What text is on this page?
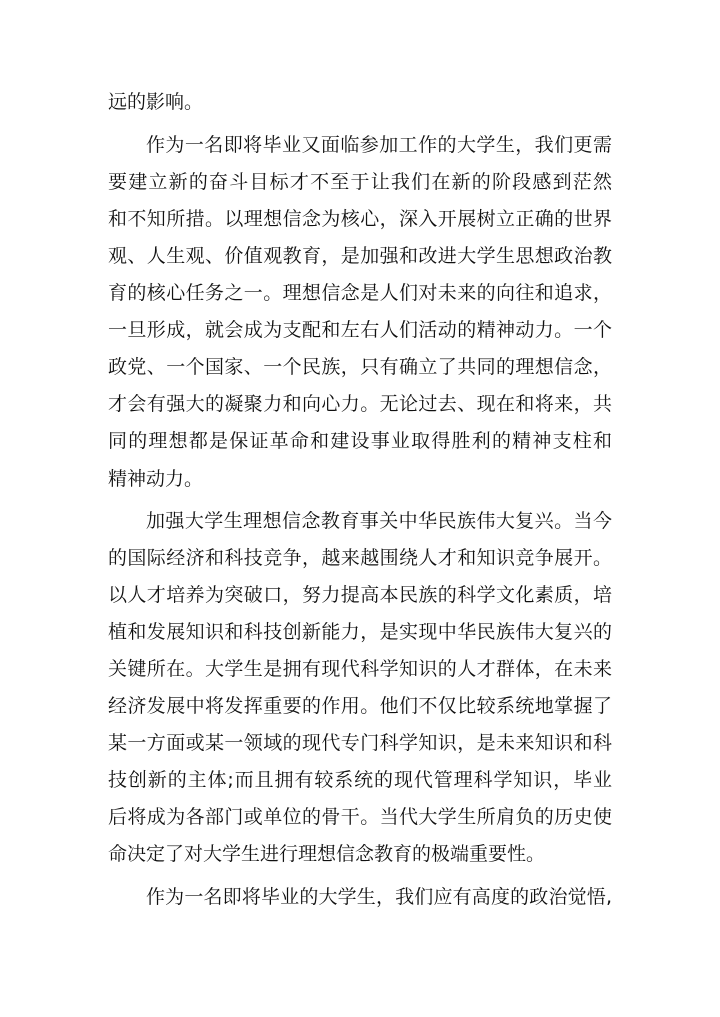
远的影响。

作为一名即将毕业又面临参加工作的大学生，我们更需

要建立新的奋斗目标才不至于让我们在新的阶段感到茫然

和不知所措。以理想信念为核心，深入开展树立正确的世界

观、人生观、价值观教育，是加强和改进大学生思想政治教

育的核心任务之一。理想信念是人们对未来的向往和追求，

一旦形成，就会成为支配和左右人们活动的精神动力。一个

政党、一个国家、一个民族，只有确立了共同的理想信念，

才会有强大的凝聚力和向心力。无论过去、现在和将来，共

同的理想都是保证革命和建设事业取得胜利的精神支柱和

精神动力。

加强大学生理想信念教育事关中华民族伟大复兴。当今

的国际经济和科技竞争，越来越围绕人才和知识竞争展开。

以人才培养为突破口，努力提高本民族的科学文化素质，培

植和发展知识和科技创新能力，是实现中华民族伟大复兴的

关键所在。大学生是拥有现代科学知识的人才群体，在未来

经济发展中将发挥重要的作用。他们不仅比较系统地掌握了

某一方面或某一领域的现代专门科学知识，是未来知识和科

技创新的主体;而且拥有较系统的现代管理科学知识，毕业

后将成为各部门或单位的骨干。当代大学生所肩负的历史使

命决定了对大学生进行理想信念教育的极端重要性。

作为一名即将毕业的大学生，我们应有高度的政治觉悟,
